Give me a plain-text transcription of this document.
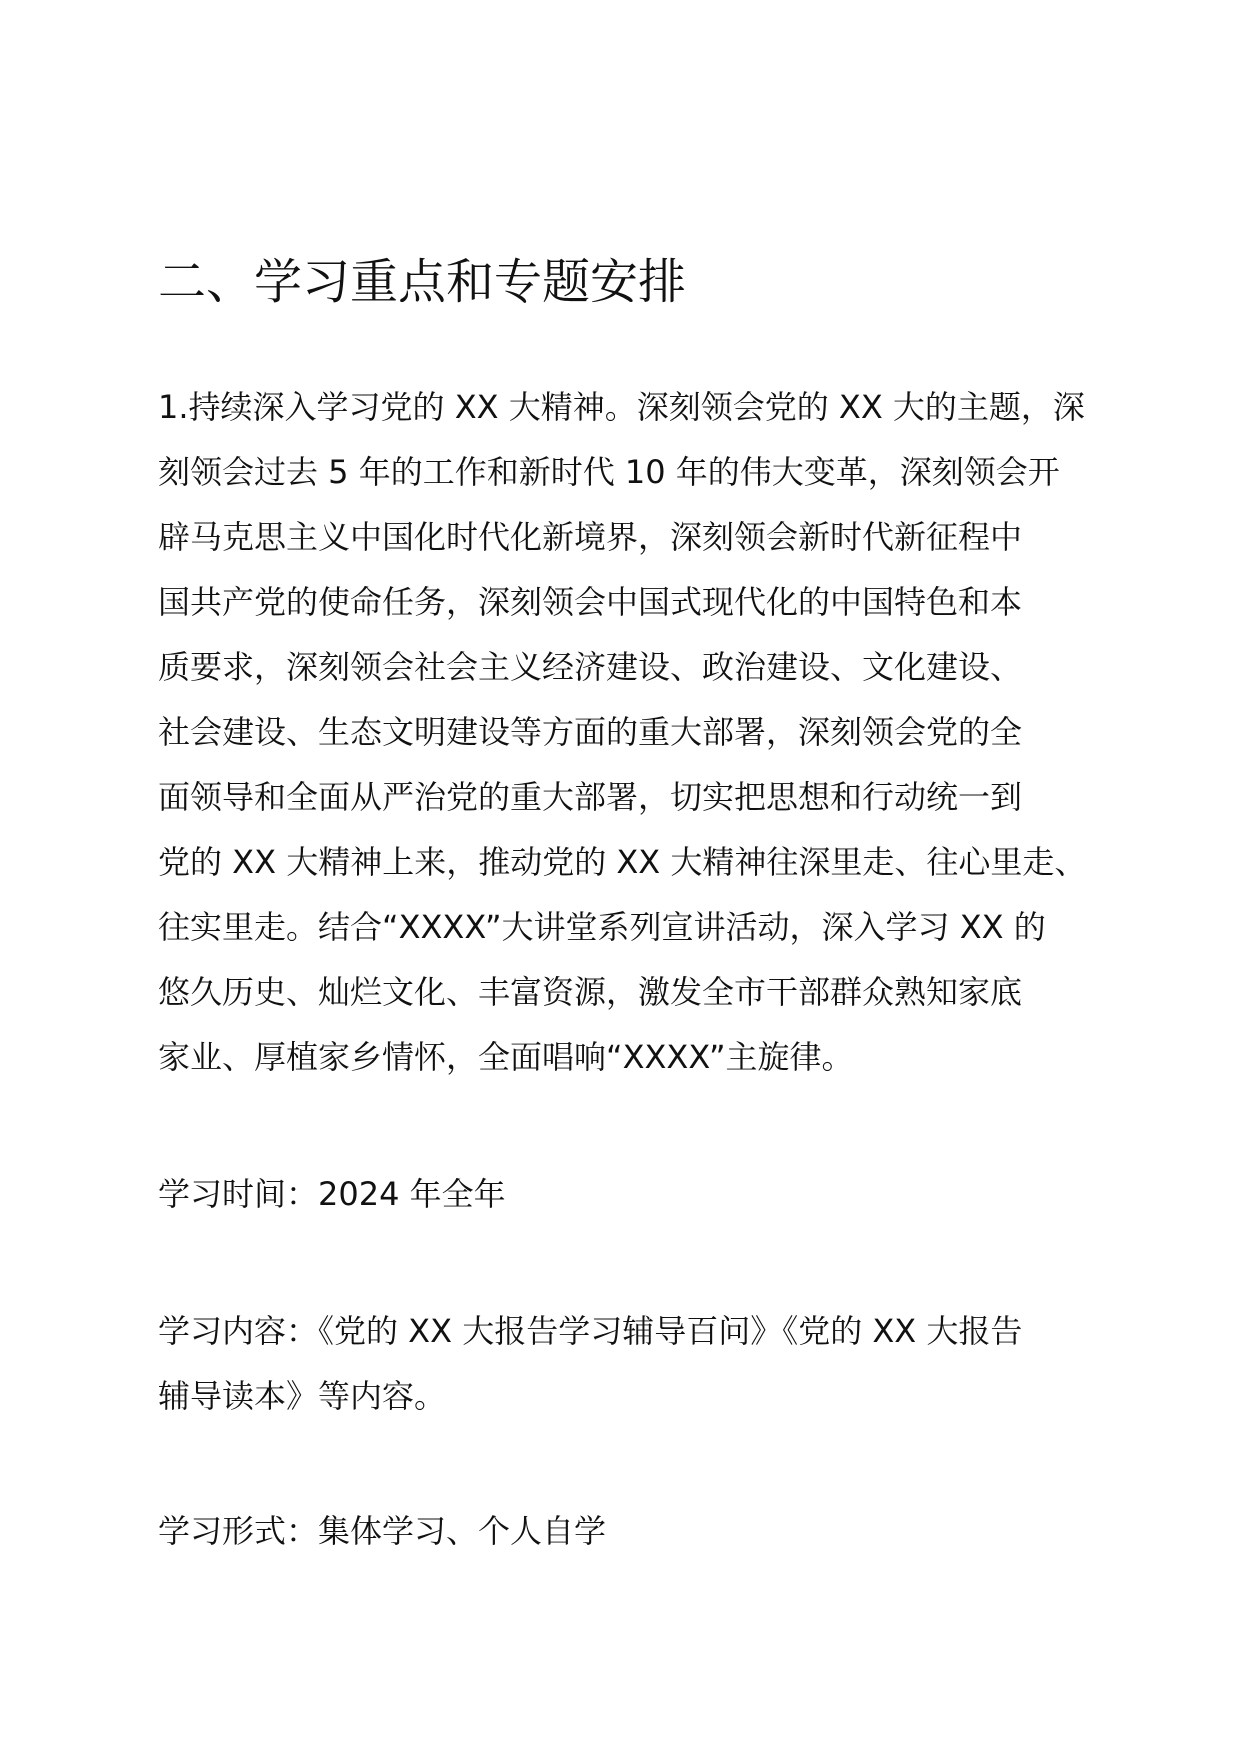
二、学习重点和专题安排

1.持续深入学习党的 XX 大精神。深刻领会党的 XX 大的主题，深
刻领会过去 5 年的工作和新时代 10 年的伟大变革，深刻领会开
辟马克思主义中国化时代化新境界，深刻领会新时代新征程中
国共产党的使命任务，深刻领会中国式现代化的中国特色和本
质要求，深刻领会社会主义经济建设、政治建设、文化建设、
社会建设、生态文明建设等方面的重大部署，深刻领会党的全
面领导和全面从严治党的重大部署，切实把思想和行动统一到
党的 XX 大精神上来，推动党的 XX 大精神往深里走、往心里走、
往实里走。结合“XXXX”大讲堂系列宣讲活动，深入学习 XX 的
悠久历史、灿烂文化、丰富资源，激发全市干部群众熟知家底
家业、厚植家乡情怀，全面唱响“XXXX”主旋律。

学习时间：2024 年全年

学习内容：《党的 XX 大报告学习辅导百问》《党的 XX 大报告
辅导读本》等内容。

学习形式：集体学习、个人自学
